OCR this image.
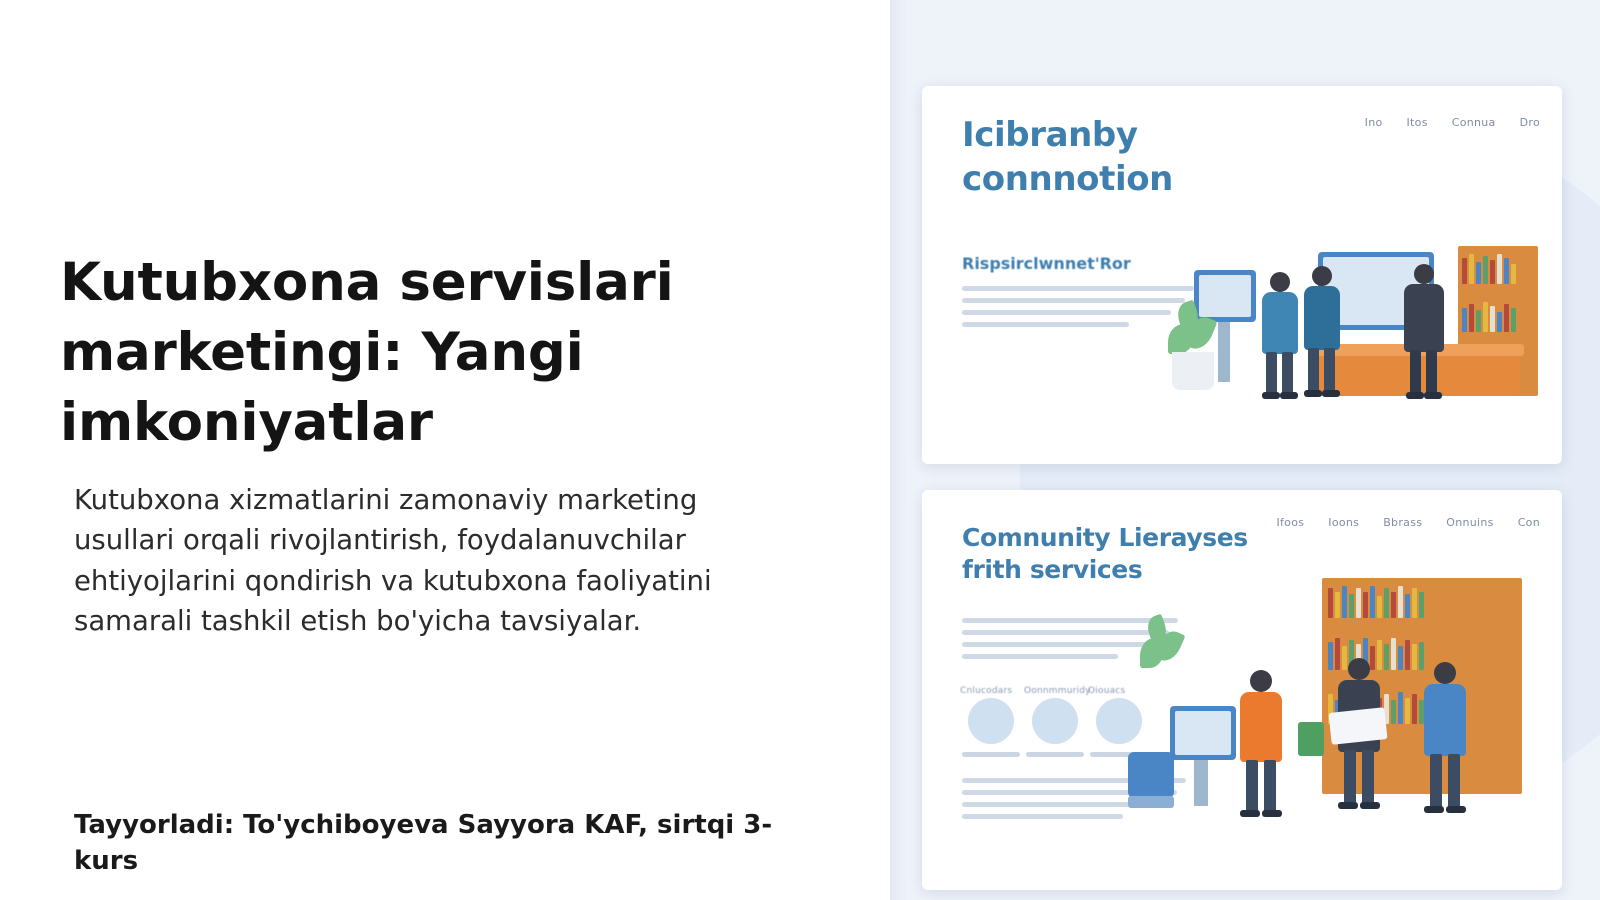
Kutubxona servislari marketingi: Yangi imkoniyatlar
Kutubxona xizmatlarini zamonaviy marketing usullari orqali rivojlantirish, foydalanuvchilar ehtiyojlarini qondirish va kutubxona faoliyatini samarali tashkil etish bo'yicha tavsiyalar.
Tayyorladi: To'ychiboyeva Sayyora KAF, sirtqi 3-kurs
Ino Itos Connua Dro
Icibranby connnotion
Rispsirclwnnet'Ror
Ifoos Ioons Bbrass Onnuins Con
Comnunity Lierayses frith services
Cnlucodars Oonnmmuridy
Oiouacs
